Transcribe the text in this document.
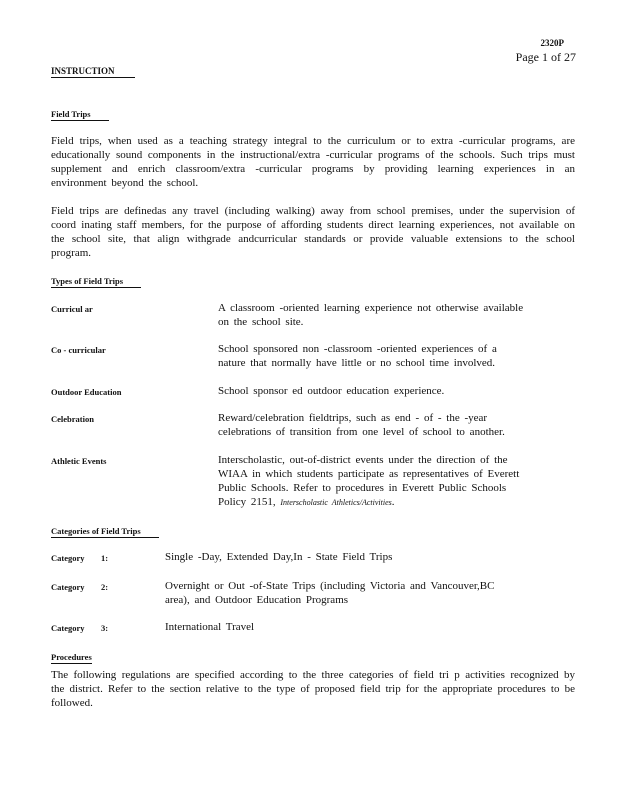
2320P
Page 1 of 27
INSTRUCTION
Field Trips
Field trips, when used as a teaching strategy integral to the curriculum or to extra -curricular programs, are educationally sound components in the instructional/extra -curricular programs of the schools. Such trips must supplement and enrich classroom/extra -curricular programs by providing learning experiences in an environment beyond the school.
Field trips are definedas any travel (including walking) away from school premises, under the supervision of coord inating staff members, for the purpose of affording students direct learning experiences, not available on the school site, that align withgrade andcurricular standards or provide valuable extensions to the school program.
Types of Field Trips
Curricul ar	A classroom -oriented learning experience not otherwise available on the school site.
Co - curricular	School sponsored non -classroom -oriented experiences of a nature that normally have little or no school time involved.
Outdoor Education	School sponsor ed outdoor education experience.
Celebration	Reward/celebration fieldtrips, such as end - of - the -year celebrations of transition from one level of school to another.
Athletic Events	Interscholastic, out-of-district events under the direction of the WIAA in which students participate as representatives of Everett Public Schools. Refer to procedures in Everett Public Schools Policy 2151, Interscholastic Athletics/Activities.
Categories of Field Trips
Category 1:	Single -Day, Extended Day,In - State Field Trips
Category 2:	Overnight or Out -of-State Trips (including Victoria and Vancouver,BC area), and Outdoor Education Programs
Category 3:	International Travel
Procedures
The following regulations are specified according to the three categories of field tri p activities recognized by the district. Refer to the section relative to the type of proposed field trip for the appropriate procedures to be followed.
